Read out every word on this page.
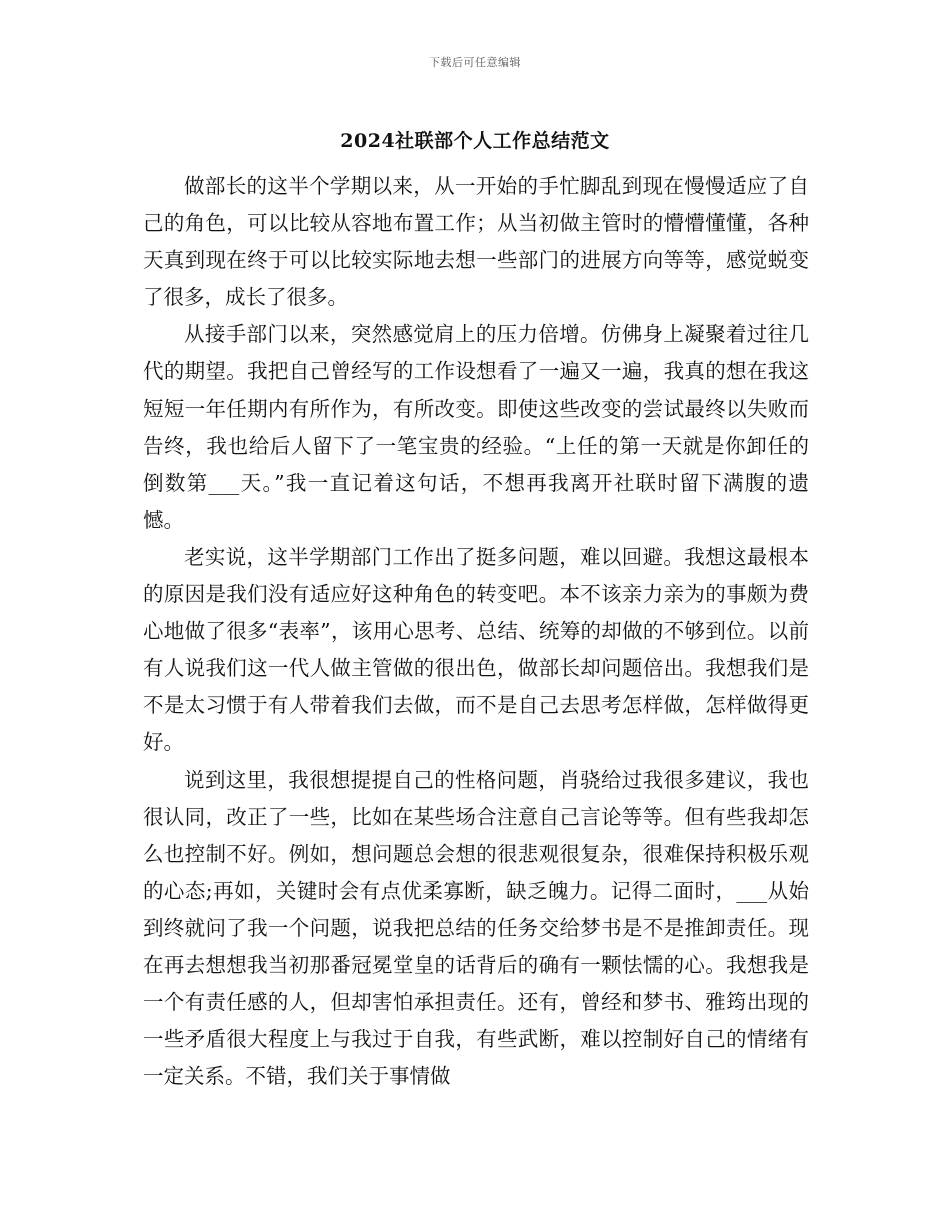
下载后可任意编辑
2024社联部个人工作总结范文

做部长的这半个学期以来，从一开始的手忙脚乱到现在慢慢适应了自己的角色，可以比较从容地布置工作；从当初做主管时的懵懵懂懂，各种天真到现在终于可以比较实际地去想一些部门的进展方向等等，感觉蜕变了很多，成长了很多。

从接手部门以来，突然感觉肩上的压力倍增。仿佛身上凝聚着过往几代的期望。我把自己曾经写的工作设想看了一遍又一遍，我真的想在我这短短一年任期内有所作为，有所改变。即使这些改变的尝试最终以失败而告终，我也给后人留下了一笔宝贵的经验。“上任的第一天就是你卸任的倒数第___天。”我一直记着这句话，不想再我离开社联时留下满腹的遗憾。

老实说，这半学期部门工作出了挺多问题，难以回避。我想这最根本的原因是我们没有适应好这种角色的转变吧。本不该亲力亲为的事颇为费心地做了很多“表率”，该用心思考、总结、统筹的却做的不够到位。以前有人说我们这一代人做主管做的很出色，做部长却问题倍出。我想我们是不是太习惯于有人带着我们去做，而不是自己去思考怎样做，怎样做得更好。

说到这里，我很想提提自己的性格问题，肖骁给过我很多建议，我也很认同，改正了一些，比如在某些场合注意自己言论等等。但有些我却怎么也控制不好。例如，想问题总会想的很悲观很复杂，很难保持积极乐观的心态;再如，关键时会有点优柔寡断，缺乏魄力。记得二面时，___从始到终就问了我一个问题，说我把总结的任务交给梦书是不是推卸责任。现在再去想想我当初那番冠冕堂皇的话背后的确有一颗怯懦的心。我想我是一个有责任感的人，但却害怕承担责任。还有，曾经和梦书、雅筠出现的一些矛盾很大程度上与我过于自我，有些武断，难以控制好自己的情绪有一定关系。不错，我们关于事情做
